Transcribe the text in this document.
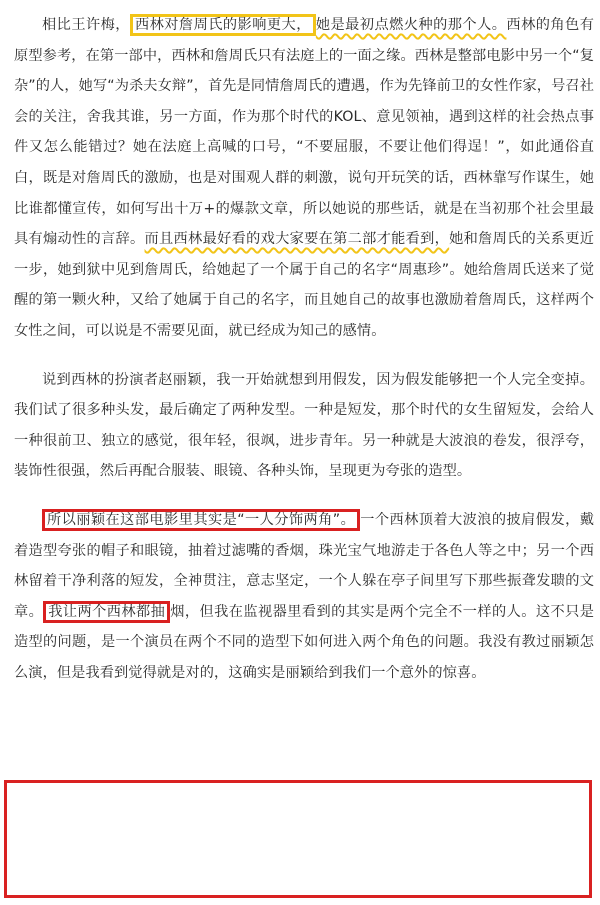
相比王许梅， 西林对詹周氏的影响更大， 她是最初点燃火种的那个人。西林的角色有原型参考，在第一部中，西林和詹周氏只有法庭上的一面之缘。西林是整部电影中另一个“复杂”的人，她写“为杀夫女辩”，首先是同情詹周氏的遭遇，作为先锋前卫的女性作家，号召社会的关注，舍我其谁，另一方面，作为那个时代的KOL、意见领袖，遇到这样的社会热点事件又怎么能错过？她在法庭上高喊的口号，“不要屈服，不要让他们得逞！”，如此通俗直白，既是对詹周氏的激励，也是对围观人群的刺激，说句开玩笑的话，西林靠写作谋生，她比谁都懂宣传，如何写出十万+的爆款文章，所以她说的那些话，就是在当初那个社会里最具有煽动性的言辞。而且西林最好看的戏大家要在第二部才能看到，她和詹周氏的关系更近一步，她到狱中见到詹周氏，给她起了一个属于自己的名字“周惠珍”。她给詹周氏送来了觉醒的第一颗火种，又给了她属于自己的名字，而且她自己的故事也激励着詹周氏，这样两个女性之间，可以说是不需要见面，就已经成为知己的感情。

说到西林的扮演者赵丽颖，我一开始就想到用假发，因为假发能够把一个人完全变掉。我们试了很多种头发，最后确定了两种发型。一种是短发，那个时代的女生留短发，会给人一种很前卫、独立的感觉，很年轻，很飒，进步青年。另一种就是大波浪的卷发，很浮夸，装饰性很强，然后再配合服装、眼镜、各种头饰，呈现更为夸张的造型。

所以丽颖在这部电影里其实是“一人分饰两角”。 一个西林顶着大波浪的披肩假发，戴着造型夸张的帽子和眼镜，抽着过滤嘴的香烟，珠光宝气地游走于各色人等之中；另一个西林留着干净利落的短发，全神贯注，意志坚定，一个人躲在亭子间里写下那些振聋发聩的文章。 我让两个西林都抽 烟，但我在监视器里看到的其实是两个完全不一样的人。这不只是造型的问题，是一个演员在两个不同的造型下如何进入两个角色的问题。我没有教过丽颖怎么演，但是我看到觉得就是对的，这确实是丽颖给到我们一个意外的惊喜。
